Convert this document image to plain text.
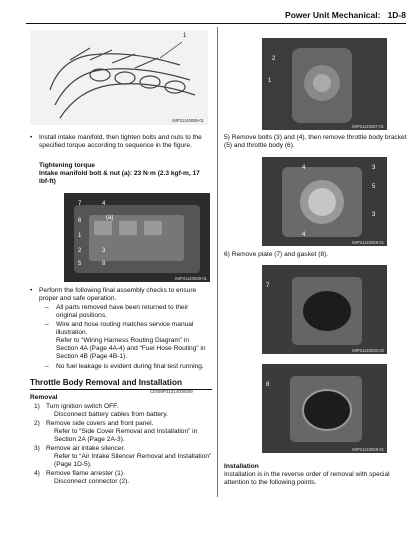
Power Unit Mechanical: 1D-8
1
IMP31140085-01
• Install intake manifold, then tighten bolts and nuts to the specified torque according to sequence in the figure.
Tightening torque
Intake manifold bolt & nut (a): 23 N·m (2.3 kgf-m, 17 lbf-ft)
7	4
6
1
2	3
5	8
(a)
IMP31140028-01
• Perform the following final assembly checks to ensure proper and safe operation.
– All parts removed have been returned to their original positions.
– Wire and hose routing matches service manual illustration.
Refer to “Wiring Harness Routing Diagram” in Section 4A (Page 4A-4) and “Fuel Hose Routing” in Section 4B (Page 4B-1).
– No fuel leakage is evident during final test running.
Throttle Body Removal and Installation
CENMP31314006009
Removal
1) Turn ignition switch OFF.
Disconnect battery cables from battery.
2) Remove side covers and front panel.
Refer to “Side Cover Removal and Installation” in Section 2A (Page 2A-3).
3) Remove air intake silencer.
Refer to “Air Intake Silencer Removal and Installation” (Page 1D-5).
4) Remove flame arrester (1).
Disconnect connector (2).
2
1
IMP31140027-01
5) Remove bolts (3) and (4), then remove throttle body bracket (5) and throttle body (6).
4	3
6	5
3
4
IMP31140026-01
6) Remove plate (7) and gasket (8).
7
IMP31140030-02
8
IMP31140029-01
Installation
Installation is in the reverse order of removal with special attention to the following points.
